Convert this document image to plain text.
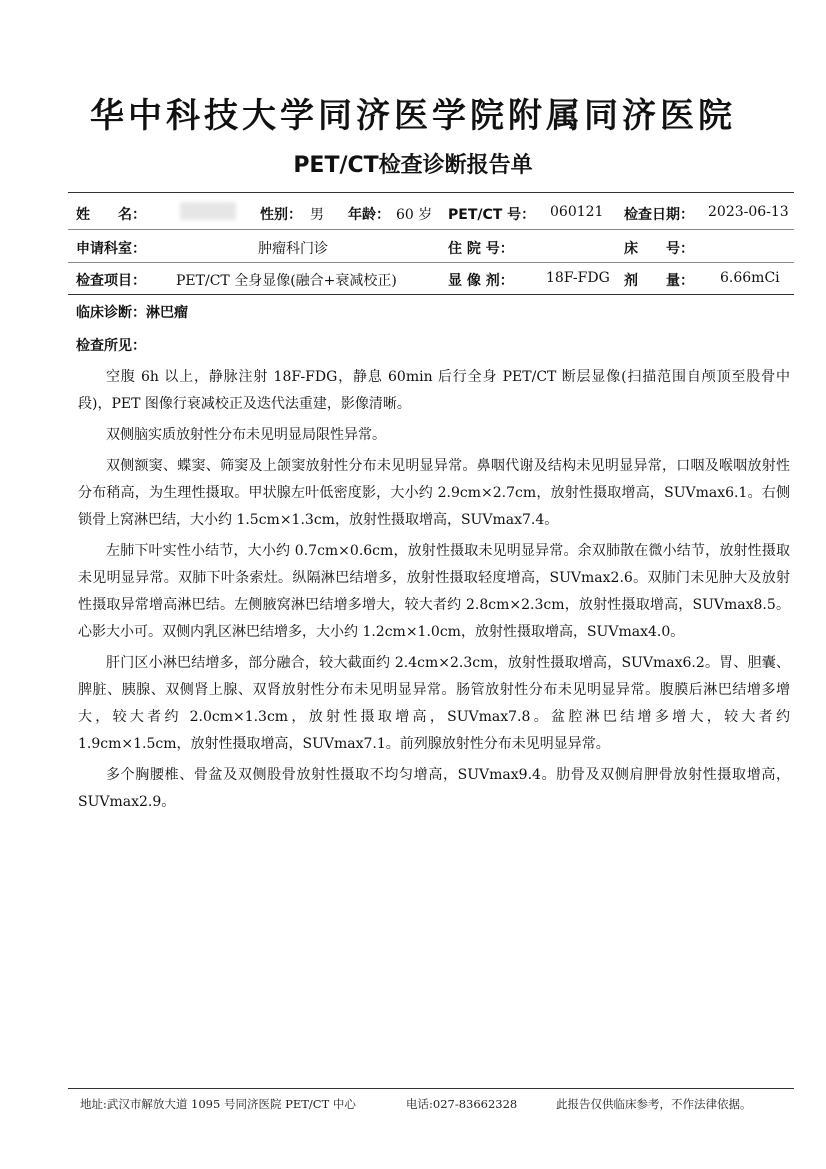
华中科技大学同济医学院附属同济医院
PET/CT检查诊断报告单
姓　　名：	性别： 男 年龄： 60 岁 PET/CT 号： 060121 检查日期： 2023-06-13
申请科室：	肿瘤科门诊	住 院 号：	床　　号：
检查项目： PET/CT 全身显像(融合+衰减校正)	显 像 剂： 18F-FDG 剂　　量： 6.66mCi
临床诊断：淋巴瘤
检查所见：

空腹 6h 以上，静脉注射 18F-FDG，静息 60min 后行全身 PET/CT 断层显像(扫描范围自颅顶至股骨中段)，PET 图像行衰减校正及迭代法重建，影像清晰。

双侧脑实质放射性分布未见明显局限性异常。

双侧额窦、蝶窦、筛窦及上颌窦放射性分布未见明显异常。鼻咽代谢及结构未见明显异常，口咽及喉咽放射性分布稍高，为生理性摄取。甲状腺左叶低密度影，大小约 2.9cm×2.7cm，放射性摄取增高，SUVmax6.1。右侧锁骨上窝淋巴结，大小约 1.5cm×1.3cm，放射性摄取增高，SUVmax7.4。

左肺下叶实性小结节，大小约 0.7cm×0.6cm，放射性摄取未见明显异常。余双肺散在微小结节，放射性摄取未见明显异常。双肺下叶条索灶。纵隔淋巴结增多，放射性摄取轻度增高，SUVmax2.6。双肺门未见肿大及放射性摄取异常增高淋巴结。左侧腋窝淋巴结增多增大，较大者约 2.8cm×2.3cm，放射性摄取增高，SUVmax8.5。心影大小可。双侧内乳区淋巴结增多，大小约 1.2cm×1.0cm，放射性摄取增高，SUVmax4.0。

肝门区小淋巴结增多，部分融合，较大截面约 2.4cm×2.3cm，放射性摄取增高，SUVmax6.2。胃、胆囊、脾脏、胰腺、双侧肾上腺、双肾放射性分布未见明显异常。肠管放射性分布未见明显异常。腹膜后淋巴结增多增大，较大者约 2.0cm×1.3cm，放射性摄取增高，SUVmax7.8。盆腔淋巴结增多增大，较大者约 1.9cm×1.5cm，放射性摄取增高，SUVmax7.1。前列腺放射性分布未见明显异常。

多个胸腰椎、骨盆及双侧股骨放射性摄取不均匀增高，SUVmax9.4。肋骨及双侧肩胛骨放射性摄取增高，SUVmax2.9。

地址:武汉市解放大道 1095 号同济医院 PET/CT 中心	电话:027-83662328	此报告仅供临床参考，不作法律依据。
